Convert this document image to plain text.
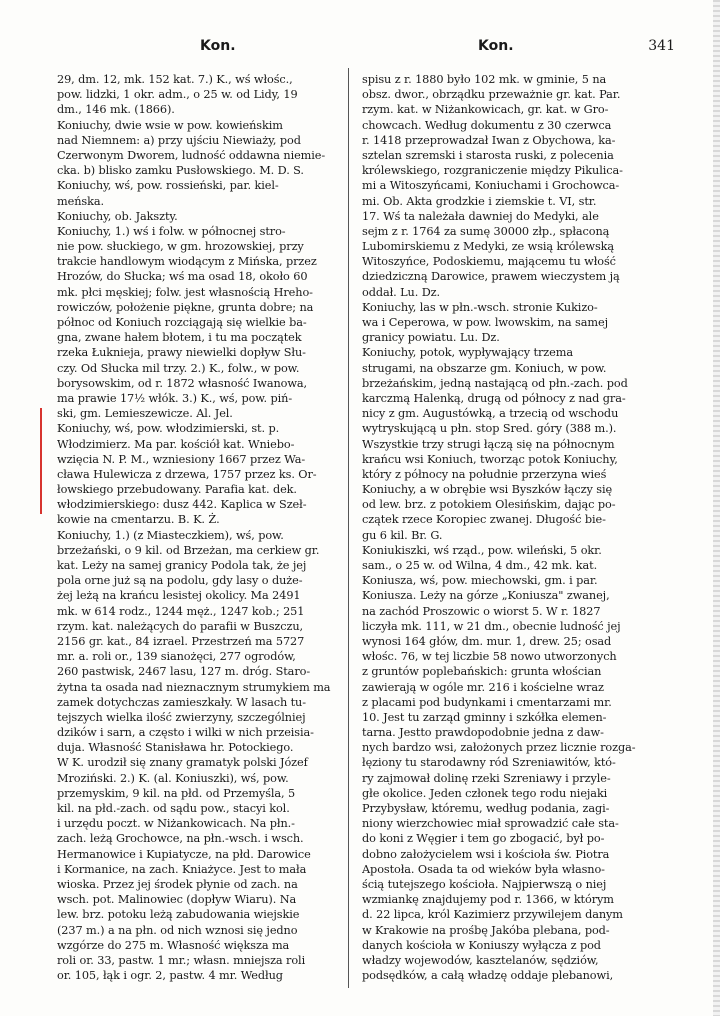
Kon.	Kon.	341
29, dm. 12, mk. 152 kat. 7.) K., wś włośc.,
pow. lidzki, 1 okr. adm., o 25 w. od Lidy, 19
dm., 146 mk. (1866).
Koniuchy, dwie wsie w pow. kowieńskim
nad Niemnem: a) przy ujściu Niewiaży, pod
Czerwonym Dworem, ludność oddawna niemie-
cka. b) blisko zamku Pusłowskiego. M. D. S.
Koniuchy, wś, pow. rossieński, par. kiel-
meńska.
Koniuchy, ob. Jakszty.
Koniuchy, 1.) wś i folw. w północnej stro-
nie pow. słuckiego, w gm. hrozowskiej, przy
trakcie handlowym wiodącym z Mińska, przez
Hrozów, do Słucka; wś ma osad 18, około 60
mk. płci męskiej; folw. jest własnością Hreho-
rowiczów, położenie piękne, grunta dobre; na
północ od Koniuch rozciągają się wielkie ba-
gna, zwane hałem błotem, i tu ma początek
rzeka Łuknieja, prawy niewielki dopływ Słu-
czy. Od Słucka mil trzy. 2.) K., folw., w pow.
borysowskim, od r. 1872 własność Iwanowa,
ma prawie 17½ włók. 3.) K., wś, pow. piń-
ski, gm. Lemieszewicze. Al. Jel.
Koniuchy, wś, pow. włodzimierski, st. p.
Włodzimierz. Ma par. kościół kat. Wniebo-
wzięcia N. P. M., wzniesiony 1667 przez Wa-
cława Hulewicza z drzewa, 1757 przez ks. Or-
łowskiego przebudowany. Parafia kat. dek.
włodzimierskiego: dusz 442. Kaplica w Szeł-
kowie na cmentarzu. B. K. Ż.
Koniuchy, 1.) (z Miasteczkiem), wś, pow.
brzeżański, o 9 kil. od Brzeżan, ma cerkiew gr.
kat. Leży na samej granicy Podola tak, że jej
pola orne już są na podolu, gdy lasy o duże-
żej leżą na krańcu lesistej okolicy. Ma 2491
mk. w 614 rodz., 1244 męż., 1247 kob.; 251
rzym. kat. należących do parafii w Buszczu,
2156 gr. kat., 84 izrael. Przestrzeń ma 5727
mr. a. roli or., 139 sianożęci, 277 ogrodów,
260 pastwisk, 2467 lasu, 127 m. dróg. Staro-
żytna ta osada nad nieznacznym strumykiem ma
zamek dotychczas zamieszkały. W lasach tu-
tejszych wielka ilość zwierzyny, szczególniej
dzików i sarn, a często i wilki w nich przeisia-
duja. Własność Stanisława hr. Potockiego.
W K. urodził się znany gramatyk polski Józef
Mroziński. 2.) K. (al. Koniuszki), wś, pow.
przemyskim, 9 kil. na płd. od Przemyśla, 5
kil. na płd.-zach. od sądu pow., stacyi kol.
i urzędu poczt. w Niżankowicach. Na płn.-
zach. leżą Grochowce, na płn.-wsch. i wsch.
Hermanowice i Kupiatycze, na płd. Darowice
i Kormanice, na zach. Kniażyce. Jest to mała
wioska. Przez jej środek płynie od zach. na
wsch. pot. Malinowiec (dopływ Wiaru). Na
lew. brz. potoku leżą zabudowania wiejskie
(237 m.) a na płn. od nich wznosi się jedno
wzgórze do 275 m. Własność większa ma
roli or. 33, pastw. 1 mr.; własn. mniejsza roli
or. 105, łąk i ogr. 2, pastw. 4 mr. Według
spisu z r. 1880 było 102 mk. w gminie, 5 na
obsz. dwor., obrządku przeważnie gr. kat. Par.
rzym. kat. w Niżankowicach, gr. kat. w Gro-
chowcach. Według dokumentu z 30 czerwca
r. 1418 przeprowadzał Iwan z Obychowa, ka-
sztelan szremski i starosta ruski, z polecenia
królewskiego, rozgraniczenie między Pikulica-
mi a Witoszyńcami, Koniuchami i Grochowca-
mi. Ob. Akta grodzkie i ziemskie t. VI, str.
17. Wś ta należała dawniej do Medyki, ale
sejm z r. 1764 za sumę 30000 złp., spłaconą
Lubomirskiemu z Medyki, ze wsią królewską
Witoszyńce, Podoskiemu, mającemu tu włość
dziedziczną Darowice, prawem wieczystem ją
oddał. Lu. Dz.
Koniuchy, las w płn.-wsch. stronie Kukizo-
wa i Ceperowa, w pow. lwowskim, na samej
granicy powiatu. Lu. Dz.
Koniuchy, potok, wypływający trzema
strugami, na obszarze gm. Koniuch, w pow.
brzeżańskim, jedną nastającą od płn.-zach. pod
karczmą Halenką, drugą od północy z nad gra-
nicy z gm. Augustówką, a trzecią od wschodu
wytryskującą u płn. stop Sred. góry (388 m.).
Wszystkie trzy strugi łączą się na północnym
krańcu wsi Koniuch, tworząc potok Koniuchy,
który z północy na południe przerzyna wieś
Koniuchy, a w obrębie wsi Byszków łączy się
od lew. brz. z potokiem Olesińskim, dając po-
czątek rzece Koropiec zwanej. Długość bie-
gu 6 kil. Br. G.
Koniukiszki, wś rząd., pow. wileński, 5 okr.
sam., o 25 w. od Wilna, 4 dm., 42 mk. kat.
Koniusza, wś, pow. miechowski, gm. i par.
Koniusza. Leży na górze „Koniusza" zwanej,
na zachód Proszowic o wiorst 5. W r. 1827
liczyła mk. 111, w 21 dm., obecnie ludność jej
wynosi 164 głów, dm. mur. 1, drew. 25; osad
włośc. 76, w tej liczbie 58 nowo utworzonych
z gruntów poplebańskich: grunta włościan
zawierają w ogóle mr. 216 i kościelne wraz
z placami pod budynkami i cmentarzami mr.
10. Jest tu zarząd gminny i szkółka elemen-
tarna. Jestto prawdopodobnie jedna z daw-
nych bardzo wsi, założonych przez licznie rozga-
łęziony tu starodawny ród Szreniawitów, któ-
ry zajmował dolinę rzeki Szreniawy i przyle-
głe okolice. Jeden członek tego rodu niejaki
Przybysław, któremu, według podania, zagi-
niony wierzchowiec miał sprowadzić całe sta-
do koni z Węgier i tem go zbogacić, był po-
dobno założycielem wsi i kościoła św. Piotra
Apostoła. Osada ta od wieków była własno-
ścią tutejszego kościoła. Najpierwszą o niej
wzmiankę znajdujemy pod r. 1366, w którym
d. 22 lipca, król Kazimierz przywilejem danym
w Krakowie na prośbę Jakóba plebana, pod-
danych kościoła w Koniuszy wyłącza z pod
władzy wojewodów, kasztelanów, sędziów,
podsędków, a całą władzę oddaje plebanowi,
